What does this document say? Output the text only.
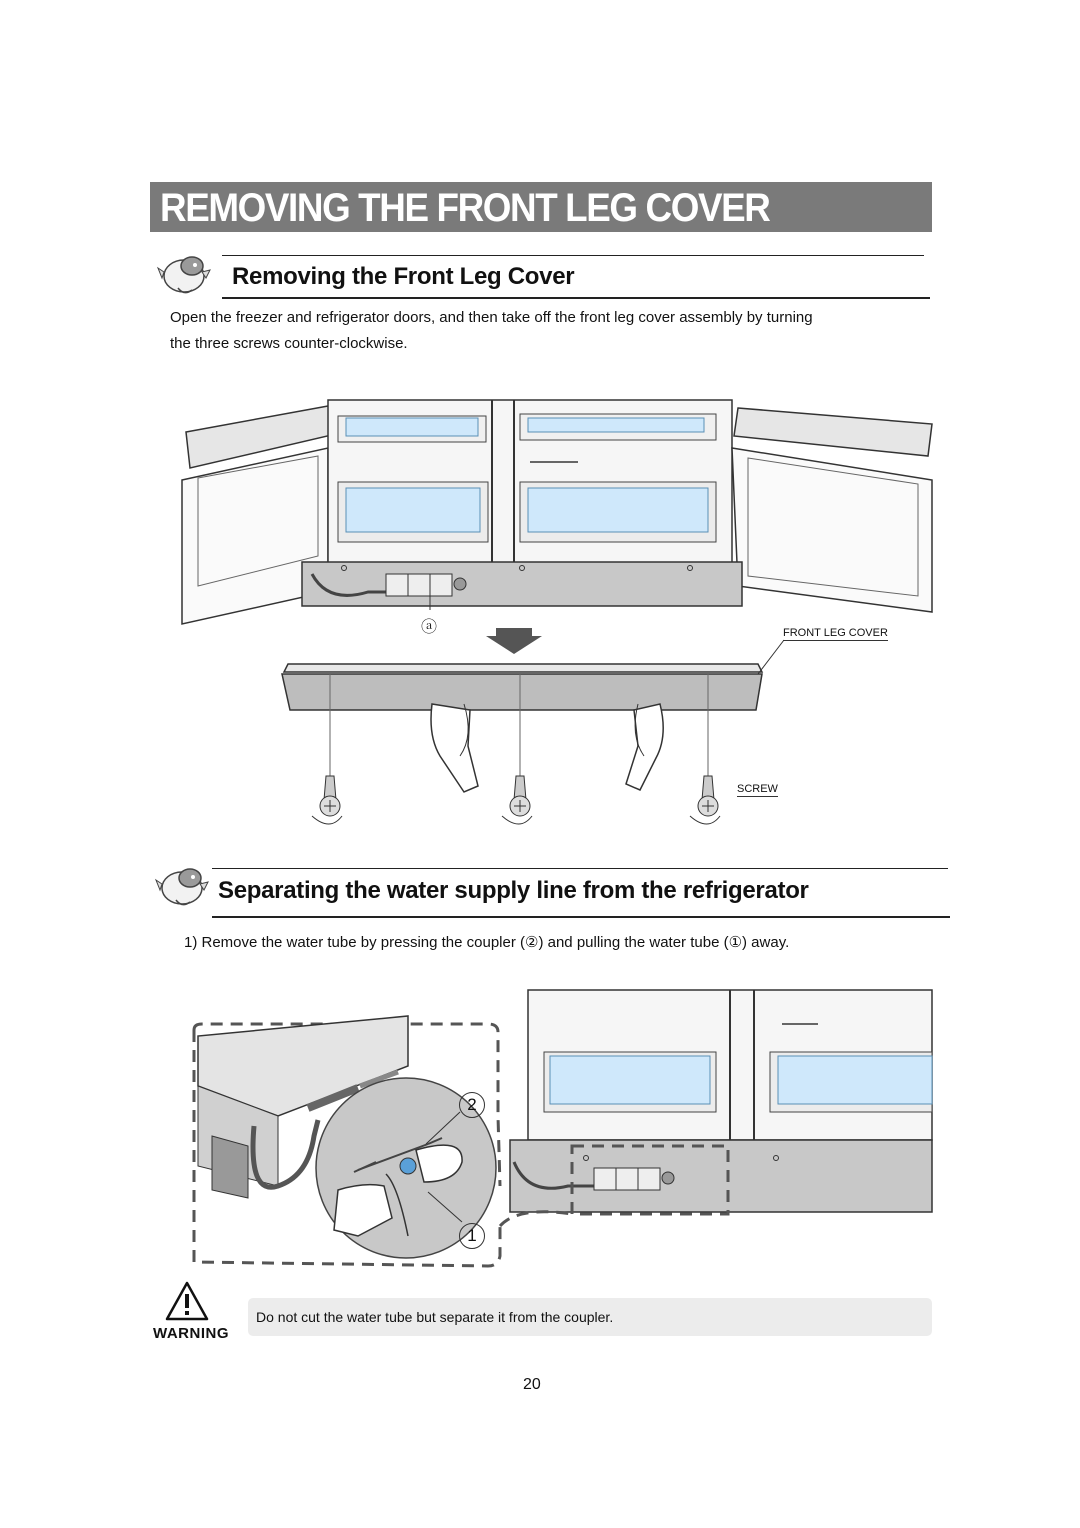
REMOVING THE FRONT LEG COVER
Removing the Front Leg Cover
Open the freezer and refrigerator doors, and then take off the front leg cover assembly by turning
the three screws counter-clockwise.
ⓐ	FRONT LEG COVER
SCREW
Separating the water supply line from the refrigerator
1) Remove the water tube by pressing the coupler (②) and pulling the water tube (①) away.
2
1
WARNING
Do not cut the water tube but separate it from the coupler.
20
